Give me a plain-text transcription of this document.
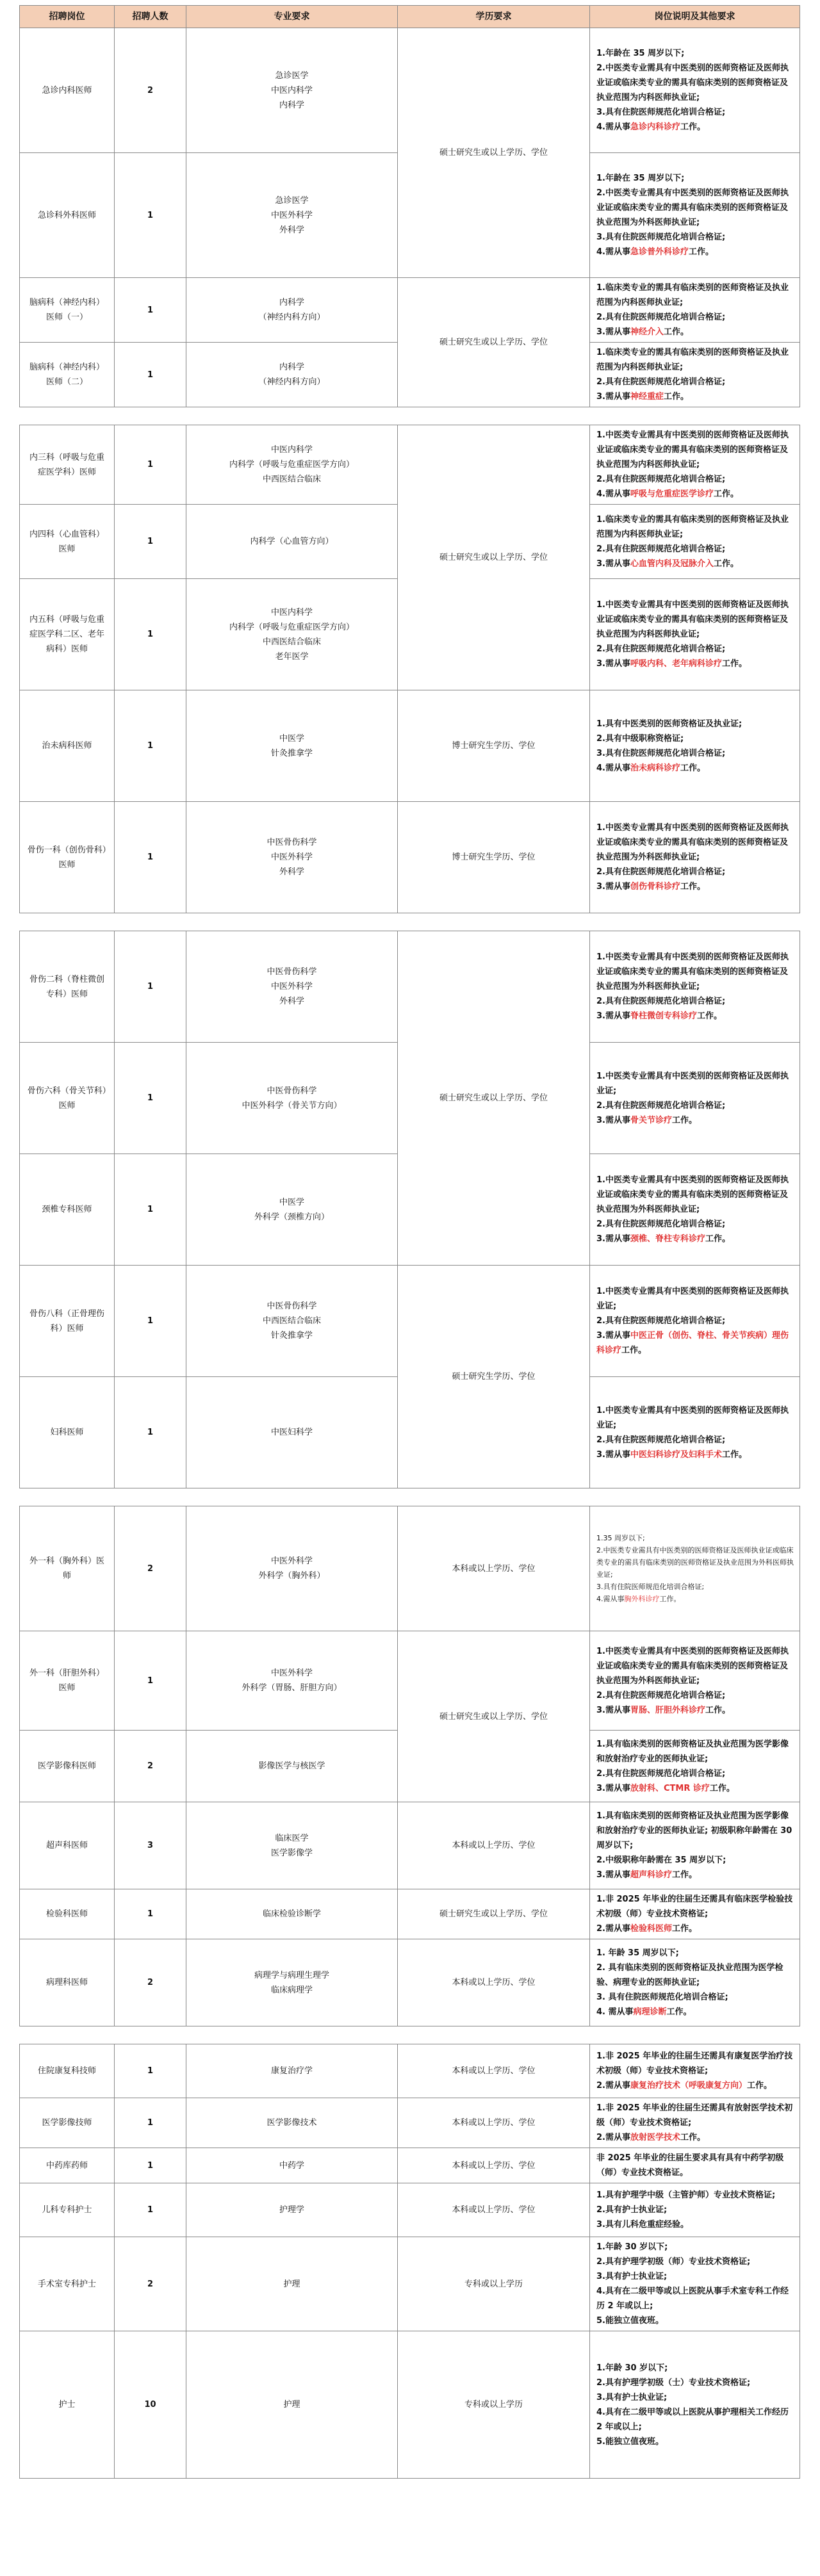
招聘岗位	招聘人数	专业要求	学历要求	岗位说明及其他要求
急诊内科医师	2	急诊医学
中医内科学
内科学	硕士研究生或以上学历、学位	1.年龄在 35 周岁以下;
2.中医类专业需具有中医类别的医师资格证及医师执业证或临床类专业的需具有临床类别的医师资格证及执业范围为内科医师执业证;
3.具有住院医师规范化培训合格证;
4.需从事急诊内科诊疗工作。

急诊科外科医师	1	急诊医学
中医外科学
外科学		1.年龄在 35 周岁以下;
2.中医类专业需具有中医类别的医师资格证及医师执业证或临床类专业的需具有临床类别的医师资格证及执业范围为外科医师执业证;
3.具有住院医师规范化培训合格证;
4.需从事急诊普外科诊疗工作。

脑病科（神经内科）医师（一）	1	内科学
（神经内科方向）	硕士研究生或以上学历、学位	1.临床类专业的需具有临床类别的医师资格证及执业范围为内科医师执业证;
2.具有住院医师规范化培训合格证;
3.需从事神经介入工作。

脑病科（神经内科）医师（二）	1	内科学
（神经内科方向）		1.临床类专业的需具有临床类别的医师资格证及执业范围为内科医师执业证;
2.具有住院医师规范化培训合格证;
3.需从事神经重症工作。

内三科（呼吸与危重症医学科）医师	1	中医内科学
内科学（呼吸与危重症医学方向）
中西医结合临床	硕士研究生或以上学历、学位	1.中医类专业需具有中医类别的医师资格证及医师执业证或临床类专业的需具有临床类别的医师资格证及执业范围为内科医师执业证;
2.具有住院医师规范化培训合格证;
4.需从事呼吸与危重症医学诊疗工作。

内四科（心血管科）医师	1	内科学（心血管方向）		1.临床类专业的需具有临床类别的医师资格证及执业范围为内科医师执业证;
2.具有住院医师规范化培训合格证;
3.需从事心血管内科及冠脉介入工作。

内五科（呼吸与危重症医学科二区、老年病科）医师	1	中医内科学
内科学（呼吸与危重症医学方向）
中西医结合临床
老年医学		1.中医类专业需具有中医类别的医师资格证及医师执业证或临床类专业的需具有临床类别的医师资格证及执业范围为内科医师执业证;
2.具有住院医师规范化培训合格证;
3.需从事呼吸内科、老年病科诊疗工作。

治未病科医师	1	中医学
针灸推拿学	博士研究生学历、学位	1.具有中医类别的医师资格证及执业证;
2.具有中级职称资格证;
3.具有住院医师规范化培训合格证;
4.需从事治未病科诊疗工作。

骨伤一科（创伤骨科）医师	1	中医骨伤科学
中医外科学
外科学	博士研究生学历、学位	1.中医类专业需具有中医类别的医师资格证及医师执业证或临床类专业的需具有临床类别的医师资格证及执业范围为外科医师执业证;
2.具有住院医师规范化培训合格证;
3.需从事创伤骨科诊疗工作。

骨伤二科（脊柱微创专科）医师	1	中医骨伤科学
中医外科学
外科学	硕士研究生或以上学历、学位	1.中医类专业需具有中医类别的医师资格证及医师执业证或临床类专业的需具有临床类别的医师资格证及执业范围为外科医师执业证;
2.具有住院医师规范化培训合格证;
3.需从事脊柱微创专科诊疗工作。

骨伤六科（骨关节科）医师	1	中医骨伤科学
中医外科学（骨关节方向）		1.中医类专业需具有中医类别的医师资格证及医师执业证;
2.具有住院医师规范化培训合格证;
3.需从事骨关节诊疗工作。

颈椎专科医师	1	中医学
外科学（颈椎方向）		1.中医类专业需具有中医类别的医师资格证及医师执业证或临床类专业的需具有临床类别的医师资格证及执业范围为外科医师执业证;
2.具有住院医师规范化培训合格证;
3.需从事颈椎、脊柱专科诊疗工作。

骨伤八科（正骨理伤科）医师	1	中医骨伤科学
中西医结合临床
针灸推拿学	硕士研究生学历、学位	1.中医类专业需具有中医类别的医师资格证及医师执业证;
2.具有住院医师规范化培训合格证;
3.需从事中医正骨（创伤、脊柱、骨关节疾病）理伤科诊疗工作。

妇科医师	1	中医妇科学		1.中医类专业需具有中医类别的医师资格证及医师执业证;
2.具有住院医师规范化培训合格证;
3.需从事中医妇科诊疗及妇科手术工作。

外一科（胸外科）医师	2	中医外科学
外科学（胸外科）	本科或以上学历、学位	1.35 周岁以下;
2.中医类专业需具有中医类别的医师资格证及医师执业证或临床类专业的需具有临床类别的医师资格证及执业范围为外科医师执业证;
3.具有住院医师规范化培训合格证;
4.需从事胸外科诊疗工作。

外一科（肝胆外科）医师	1	中医外科学
外科学（胃肠、肝胆方向）	硕士研究生或以上学历、学位	1.中医类专业需具有中医类别的医师资格证及医师执业证或临床类专业的需具有临床类别的医师资格证及执业范围为外科医师执业证;
2.具有住院医师规范化培训合格证;
3.需从事胃肠、肝胆外科诊疗工作。

医学影像科医师	2	影像医学与核医学		1.具有临床类别的医师资格证及执业范围为医学影像和放射治疗专业的医师执业证;
2.具有住院医师规范化培训合格证;
3.需从事放射科、CTMR 诊疗工作。

超声科医师	3	临床医学
医学影像学	本科或以上学历、学位	1.具有临床类别的医师资格证及执业范围为医学影像和放射治疗专业的医师执业证; 初级职称年龄需在 30 周岁以下;
2.中级职称年龄需在 35 周岁以下;
3.需从事超声科诊疗工作。

检验科医师	1	临床检验诊断学	硕士研究生或以上学历、学位	1.非 2025 年毕业的往届生还需具有临床医学检验技术初级（师）专业技术资格证;
2.需从事检验科医师工作。

病理科医师	2	病理学与病理生理学
临床病理学	本科或以上学历、学位	1. 年龄 35 周岁以下;
2. 具有临床类别的医师资格证及执业范围为医学检验、病理专业的医师执业证;
3. 具有住院医师规范化培训合格证;
4. 需从事病理诊断工作。

住院康复科技师	1	康复治疗学	本科或以上学历、学位	1.非 2025 年毕业的往届生还需具有康复医学治疗技术初级（师）专业技术资格证;
2.需从事康复治疗技术（呼吸康复方向）工作。

医学影像技师	1	医学影像技术	本科或以上学历、学位	1.非 2025 年毕业的往届生还需具有放射医学技术初级（师）专业技术资格证;
2.需从事放射医学技术工作。

中药库药师	1	中药学	本科或以上学历、学位	非 2025 年毕业的往届生要求具有具有中药学初级（师）专业技术资格证。

儿科专科护士	1	护理学	本科或以上学历、学位	1.具有护理学中级（主管护师）专业技术资格证;
2.具有护士执业证;
3.具有儿科危重症经验。

手术室专科护士	2	护理	专科或以上学历	1.年龄 30 岁以下;
2.具有护理学初级（师）专业技术资格证;
3.具有护士执业证;
4.具有在二级甲等或以上医院从事手术室专科工作经历 2 年或以上;
5.能独立值夜班。

护士	10	护理	专科或以上学历	1.年龄 30 岁以下;
2.具有护理学初级（士）专业技术资格证;
3.具有护士执业证;
4.具有在二级甲等或以上医院从事护理相关工作经历 2 年或以上;
5.能独立值夜班。
